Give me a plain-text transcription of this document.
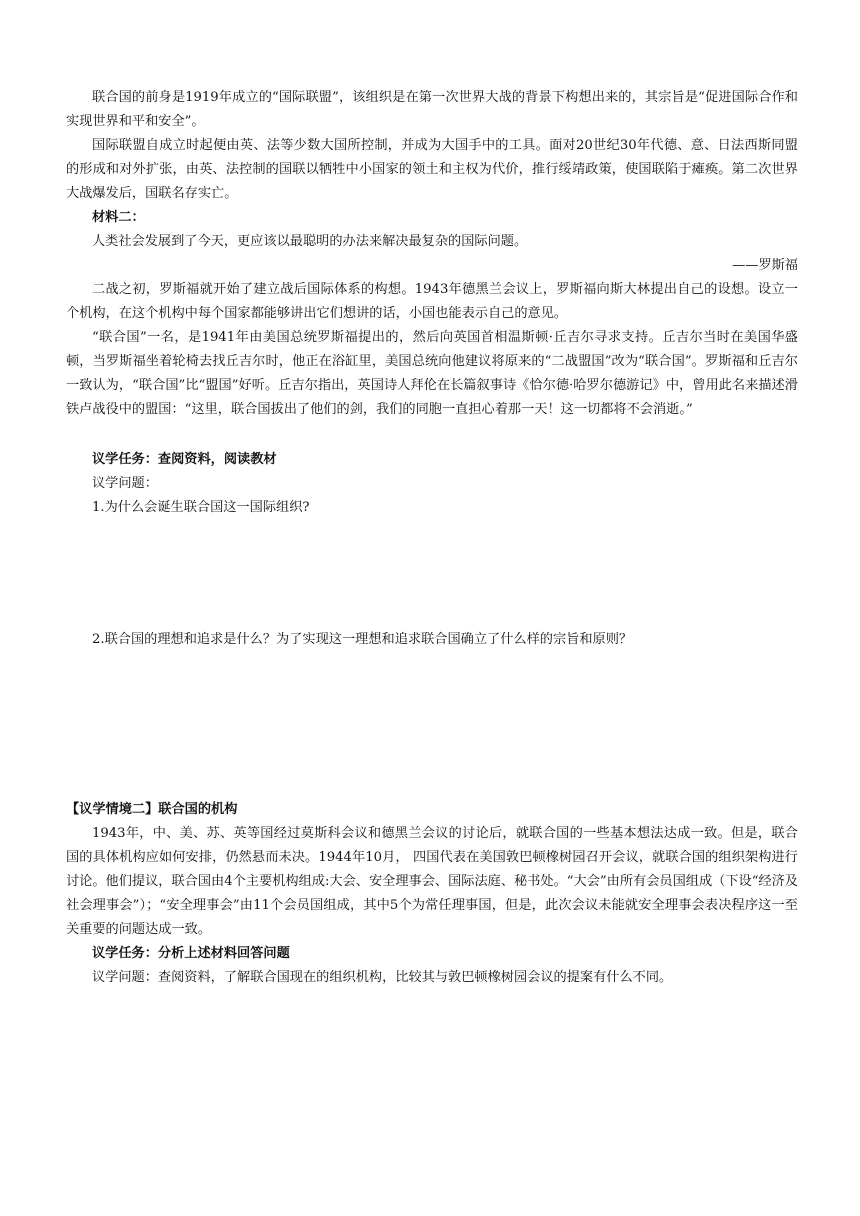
联合国的前身是1919年成立的“国际联盟”，该组织是在第一次世界大战的背景下构想出来的，其宗旨是“促进国际合作和实现世界和平和安全”。

国际联盟自成立时起便由英、法等少数大国所控制，并成为大国手中的工具。面对20世纪30年代德、意、日法西斯同盟的形成和对外扩张，由英、法控制的国联以牺牲中小国家的领土和主权为代价，推行绥靖政策，使国联陷于瘫痪。第二次世界大战爆发后，国联名存实亡。

材料二：

人类社会发展到了今天，更应该以最聪明的办法来解决最复杂的国际问题。

——罗斯福

二战之初，罗斯福就开始了建立战后国际体系的构想。1943年德黑兰会议上，罗斯福向斯大林提出自己的设想。设立一个机构，在这个机构中每个国家都能够讲出它们想讲的话，小国也能表示自己的意见。

“联合国”一名，是1941年由美国总统罗斯福提出的，然后向英国首相温斯顿·丘吉尔寻求支持。丘吉尔当时在美国华盛顿，当罗斯福坐着轮椅去找丘吉尔时，他正在浴缸里，美国总统向他建议将原来的“二战盟国”改为“联合国”。罗斯福和丘吉尔一致认为，“联合国”比“盟国”好听。丘吉尔指出，英国诗人拜伦在长篇叙事诗《恰尔德·哈罗尔德游记》中，曾用此名来描述滑铁卢战役中的盟国：“这里，联合国拔出了他们的剑，我们的同胞一直担心着那一天！这一切都将不会消逝。”

议学任务：查阅资料，阅读教材

议学问题：

1.为什么会诞生联合国这一国际组织?

2.联合国的理想和追求是什么？为了实现这一理想和追求联合国确立了什么样的宗旨和原则？

【议学情境二】联合国的机构

1943年，中、美、苏、英等国经过莫斯科会议和德黑兰会议的讨论后，就联合国的一些基本想法达成一致。但是，联合国的具体机构应如何安排，仍然悬而未决。1944年10月， 四国代表在美国敦巴顿橡树园召开会议，就联合国的组织架构进行讨论。他们提议，联合国由4个主要机构组成:大会、安全理事会、国际法庭、秘书处。“大会”由所有会员国组成（下设“经济及社会理事会”）；“安全理事会”由11个会员国组成，其中5个为常任理事国，但是，此次会议未能就安全理事会表决程序这一至关重要的问题达成一致。

议学任务：分析上述材料回答问题

议学问题：查阅资料，了解联合国现在的组织机构，比较其与敦巴顿橡树园会议的提案有什么不同。
